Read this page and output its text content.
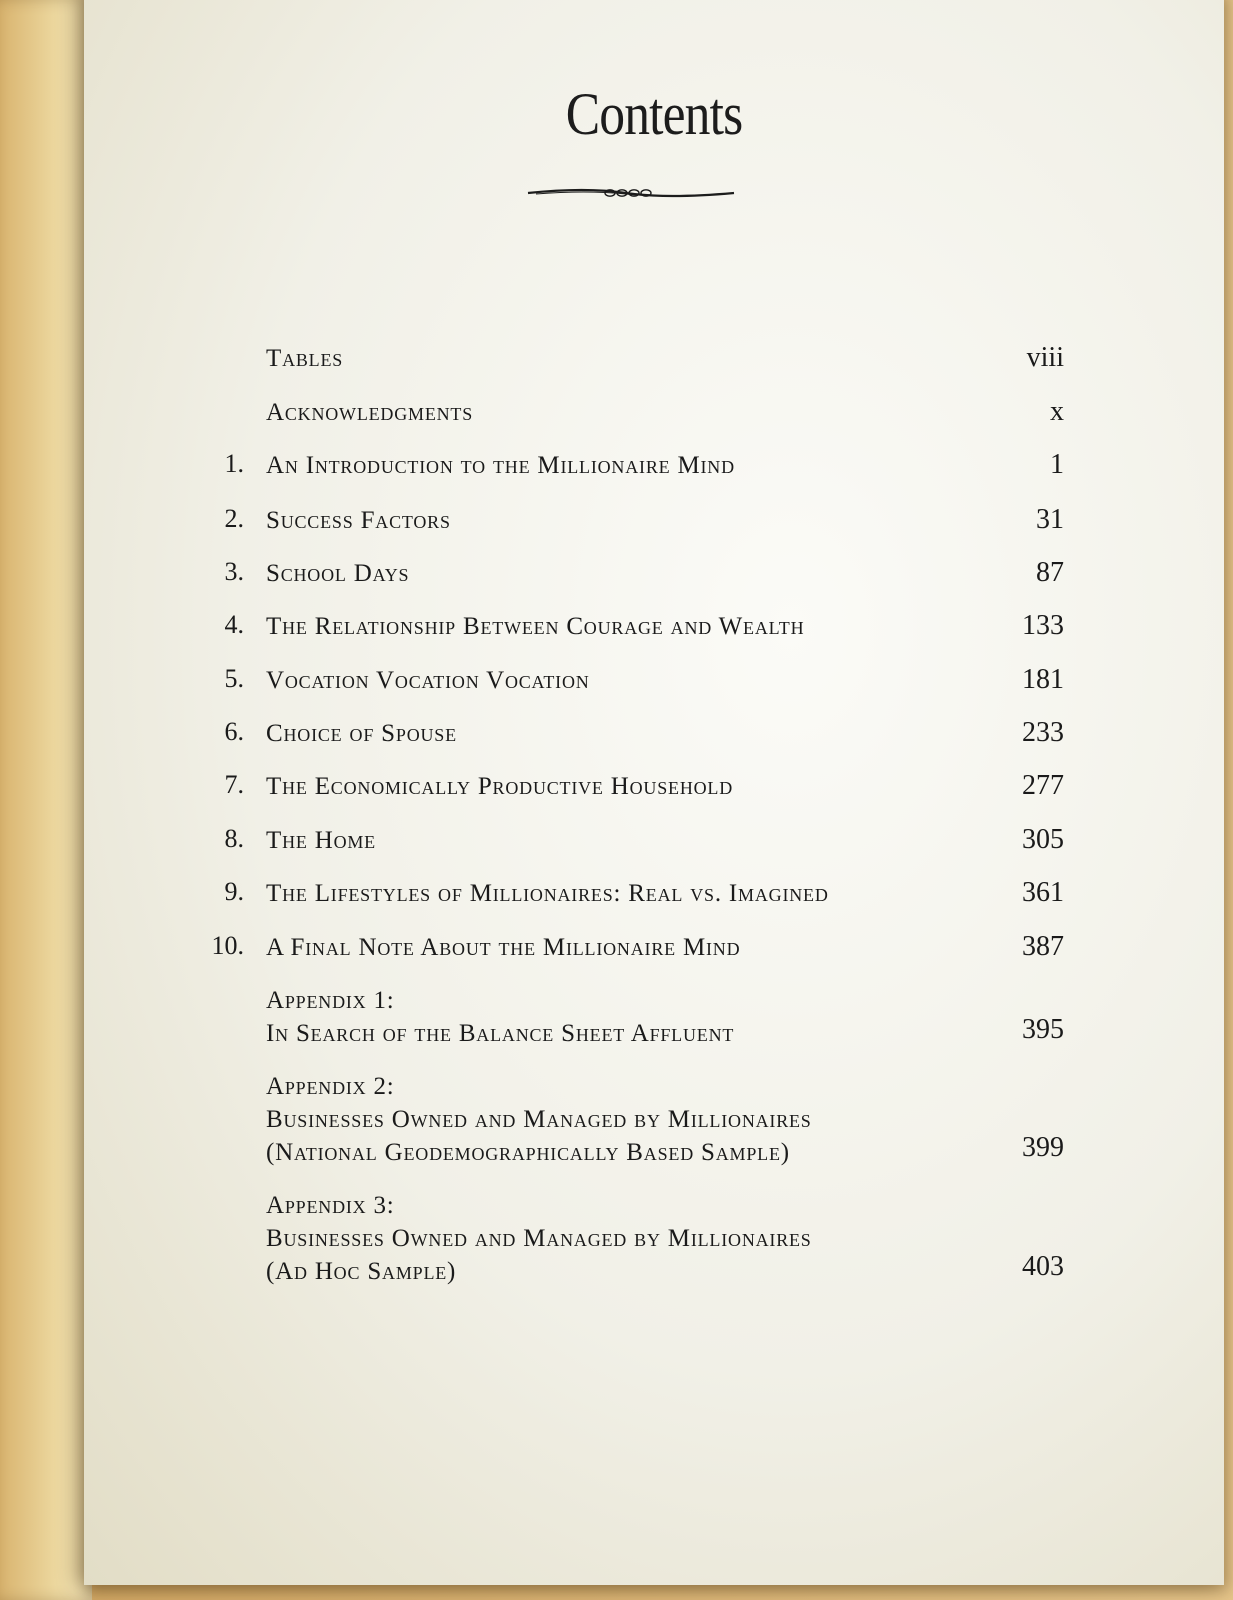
Contents
Tables	viii
Acknowledgments	x
1. An Introduction to the Millionaire Mind	1
2. Success Factors	31
3. School Days	87
4. The Relationship Between Courage and Wealth	133
5. Vocation Vocation Vocation	181
6. Choice of Spouse	233
7. The Economically Productive Household	277
8. The Home	305
9. The Lifestyles of Millionaires: Real vs. Imagined	361
10. A Final Note About the Millionaire Mind	387
Appendix 1:
In Search of the Balance Sheet Affluent	395
Appendix 2:
Businesses Owned and Managed by Millionaires
(National Geodemographically Based Sample)	399
Appendix 3:
Businesses Owned and Managed by Millionaires
(Ad Hoc Sample)	403
